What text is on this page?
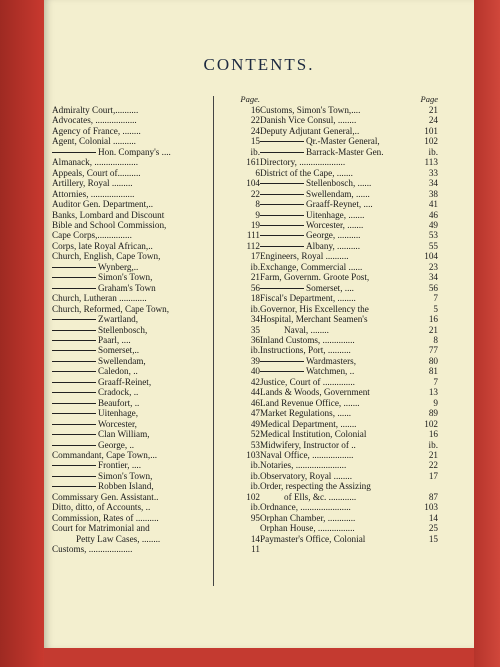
CONTENTS.
Page.
Admiralty Court,..........	16
Advocates, ..................	22
Agency of France, ........	24
Agent, Colonial ..........	15
Hon. Company's ....	ib.
Almanack, ...................	161
Appeals, Court of..........	6
Artillery, Royal .........	104
Attornies, ...................	22
Auditor Gen. Department,..	8
Banks, Lombard and Discount	9
Bible and School Commission,	19
Cape Corps,...............	111
Corps, late Royal African,..	112
Church, English, Cape Town,	17
Wynberg,..	ib.
Simon's Town,	21
Graham's Town	56
Church, Lutheran ............	18
Church, Reformed, Cape Town,	ib.
Zwartland,	34
Stellenbosch,	35
Paarl, ....	36
Somerset,..	ib.
Swellendam,	39
Caledon, ..	40
Graaff-Reinet,	42
Cradock, ..	44
Beaufort, ..	46
Uitenhage,	47
Worcester,	49
Clan William,	52
George, ..	53
Commandant, Cape Town,...	103
Frontier, ....	ib.
Simon's Town,	ib.
Robben Island,	ib.
Commissary Gen. Assistant..	102
Ditto, ditto, of Accounts, ..	ib.
Commission, Rates of ..........	95
Court for Matrimonial and
Petty Law Cases, ........	14
Customs, ...................	11
Page
Customs, Simon's Town,....	21
Danish Vice Consul, ........	24
Deputy Adjutant General,..	101
Qr.-Master General,	102
Barrack-Master Gen.	ib.
Directory, ....................	113
District of the Cape, .......	33
Stellenbosch, ......	34
Swellendam, ......	38
Graaff-Reynet, ....	41
Uitenhage, .......	46
Worcester, .......	49
George, ..........	53
Albany, ..........	55
Engineers, Royal ..........	104
Exchange, Commercial ......	23
Farm, Governm. Groote Post,	34
Somerset, ....	56
Fiscal's Department, ........	7
Governor, His Excellency the	5
Hospital, Merchant Seamen's	16
Naval, ........	21
Inland Customs, ..............	8
Instructions, Port, ..........	77
Wardmasters,	80
Watchmen, ..	81
Justice, Court of ..............	7
Lands & Woods, Government	13
Land Revenue Office, .......	9
Market Regulations, ......	89
Medical Department, .......	102
Medical Institution, Colonial	16
Midwifery, Instructor of ..	ib.
Naval Office, ..................	21
Notaries, ......................	22
Observatory, Royal ........	17
Order, respecting the Assizing
of Ells, &c. ............	87
Ordnance, ......................	103
Orphan Chamber, ............	14
Orphan House, ................	25
Paymaster's Office, Colonial	15
